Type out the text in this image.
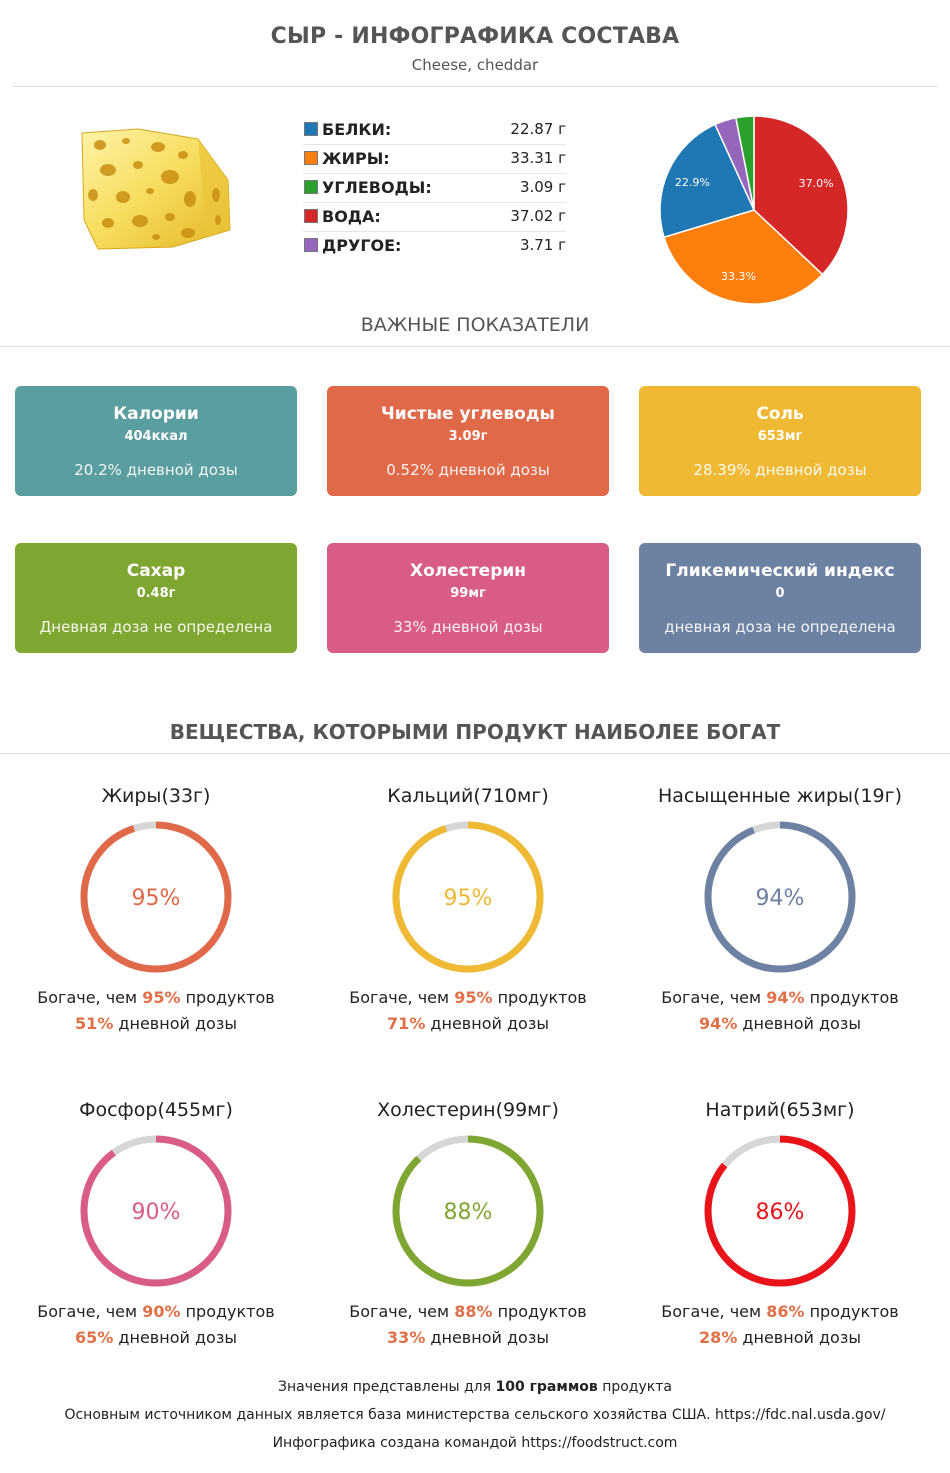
СЫР - ИНФОГРАФИКА СОСТАВА
Cheese, cheddar
БЕЛКИ:	22.87 г
ЖИРЫ:	33.31 г
УГЛЕВОДЫ:	3.09 г
ВОДА:	37.02 г
ДРУГОЕ:	3.71 г
37.0%
33.3%
22.9%
ВАЖНЫЕ ПОКАЗАТЕЛИ
Калории
404ккал
20.2% дневной дозы
Чистые углеводы
3.09г
0.52% дневной дозы
Соль
653мг
28.39% дневной дозы
Сахар
0.48г
Дневная доза не определена
Холестерин
99мг
33% дневной дозы
Гликемический индекс
0
дневная доза не определена
ВЕЩЕСТВА, КОТОРЫМИ ПРОДУКТ НАИБОЛЕЕ БОГАТ
Жиры(33г)
95%
Богаче, чем 95% продуктов
51% дневной дозы
Кальций(710мг)
95%
Богаче, чем 95% продуктов
71% дневной дозы
Насыщенные жиры(19г)
94%
Богаче, чем 94% продуктов
94% дневной дозы
Фосфор(455мг)
90%
Богаче, чем 90% продуктов
65% дневной дозы
Холестерин(99мг)
88%
Богаче, чем 88% продуктов
33% дневной дозы
Натрий(653мг)
86%
Богаче, чем 86% продуктов
28% дневной дозы
Значения представлены для 100 граммов продукта
Основным источником данных является база министерства сельского хозяйства США. https://fdc.nal.usda.gov/
Инфографика создана командой https://foodstruct.com
